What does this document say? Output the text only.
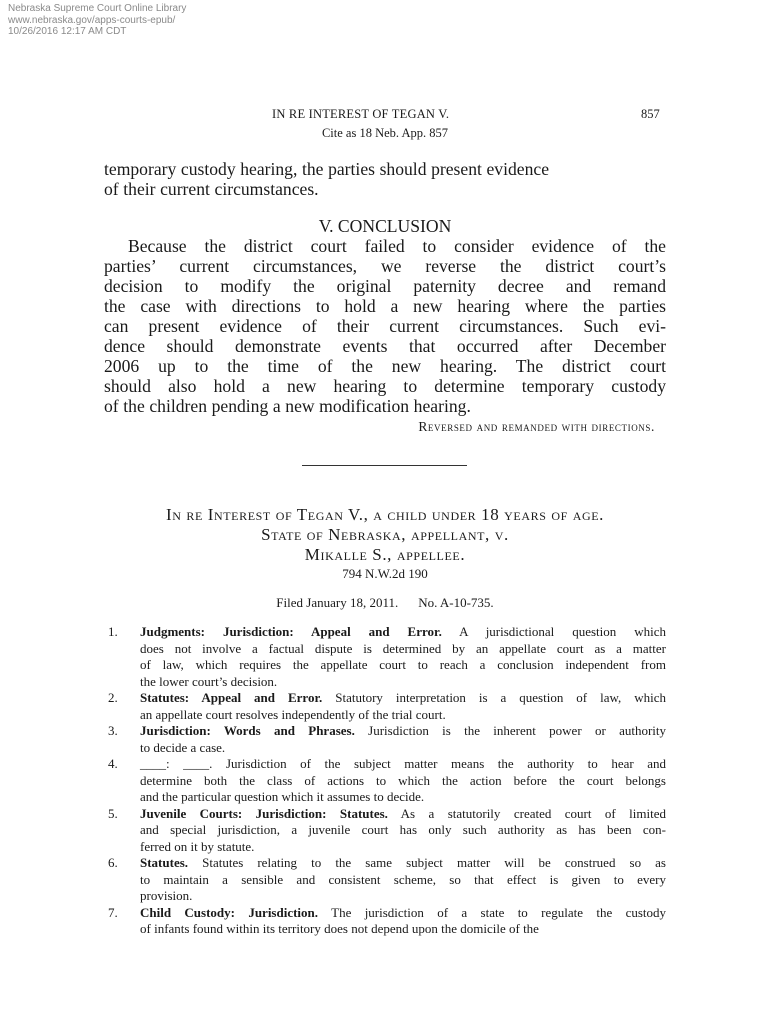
Nebraska Supreme Court Online Library
www.nebraska.gov/apps-courts-epub/
10/26/2016 12:17 AM CDT
IN RE INTEREST OF TEGAN V.	857
Cite as 18 Neb. App. 857

temporary custody hearing, the parties should present evidence

of their current circumstances.

V. CONCLUSION

Because the district court failed to consider evidence of the

parties’ current circumstances, we reverse the district court’s

decision to modify the original paternity decree and remand

the case with directions to hold a new hearing where the parties

can present evidence of their current circumstances. Such evi-

dence should demonstrate events that occurred after December

2006 up to the time of the new hearing. The district court

should also hold a new hearing to determine temporary custody

of the children pending a new modification hearing.

Reversed and remanded with directions.
In re Interest of Tegan V., a child under 18 years of age.
State of Nebraska, appellant, v.
Mikalle S., appellee.
794 N.W.2d 190
Filed January 18, 2011. No. A-10-735.
1. Judgments: Jurisdiction: Appeal and Error. A jurisdictional question which
does not involve a factual dispute is determined by an appellate court as a matter
of law, which requires the appellate court to reach a conclusion independent from
the lower court’s decision.
2. Statutes: Appeal and Error. Statutory interpretation is a question of law, which
an appellate court resolves independently of the trial court.
3. Jurisdiction: Words and Phrases. Jurisdiction is the inherent power or authority
to decide a case.
4. ____: ____. Jurisdiction of the subject matter means the authority to hear and
determine both the class of actions to which the action before the court belongs
and the particular question which it assumes to decide.
5. Juvenile Courts: Jurisdiction: Statutes. As a statutorily created court of limited
and special jurisdiction, a juvenile court has only such authority as has been con-
ferred on it by statute.
6. Statutes. Statutes relating to the same subject matter will be construed so as
to maintain a sensible and consistent scheme, so that effect is given to every
provision.
7. Child Custody: Jurisdiction. The jurisdiction of a state to regulate the custody
of infants found within its territory does not depend upon the domicile of the
